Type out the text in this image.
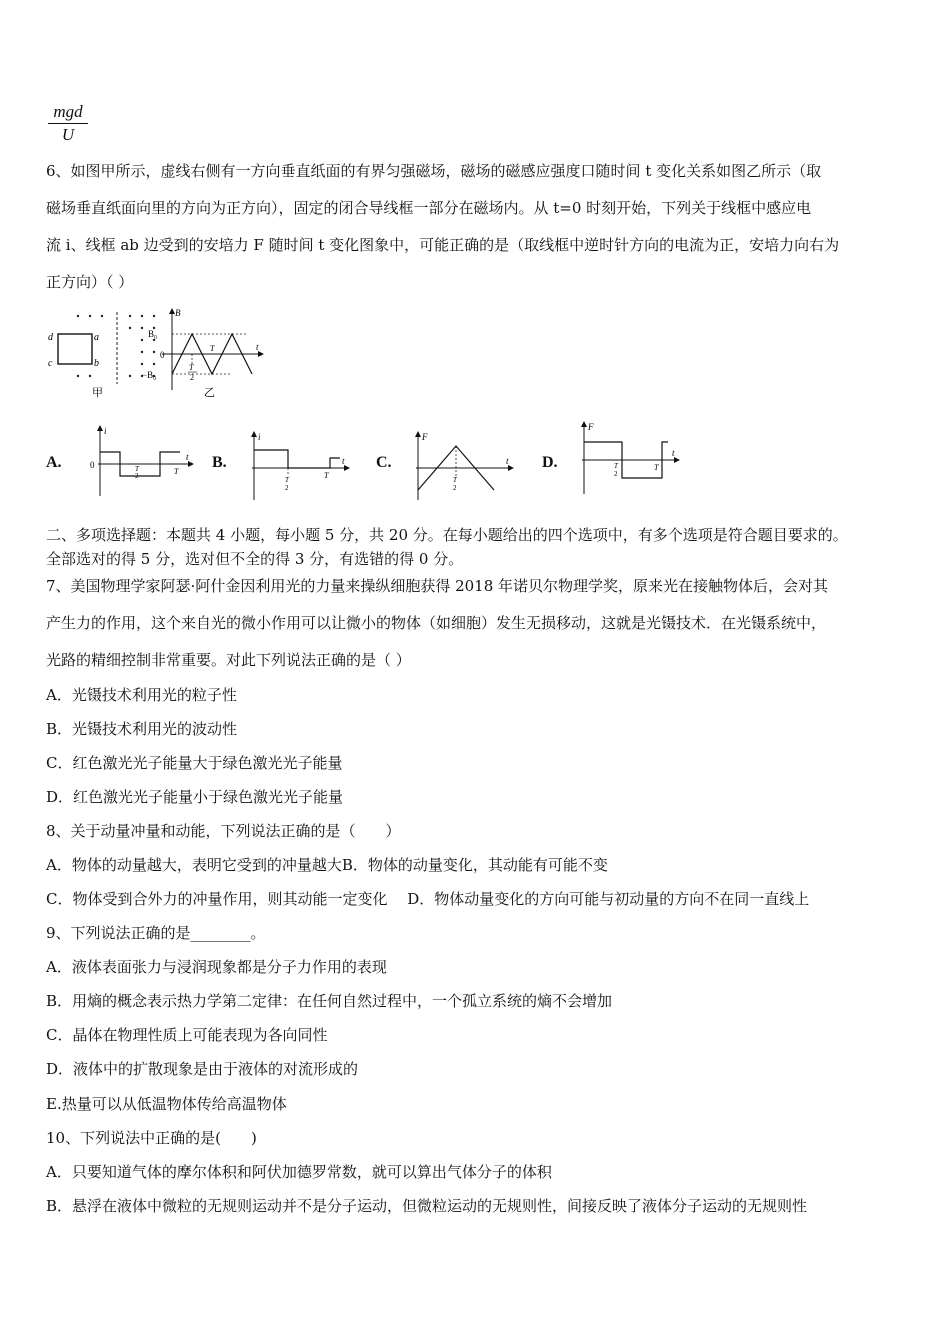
mgd
U
6、如图甲所示，虚线右侧有一方向垂直纸面的有界匀强磁场，磁场的磁感应强度口随时间 t 变化关系如图乙所示（取
磁场垂直纸面向里的方向为正方向），固定的闭合导线框一部分在磁场内。从 t=0 时刻开始，下列关于线框中感应电
流 i、线框 ab 边受到的安培力 F 随时间 t 变化图象中，可能正确的是（取线框中逆时针方向的电流为正，安培力向右为
正方向）（ ）
d	a
c	b
甲
B
t
B₀
0
−B₀
T
2
T
乙
A.
i
0
t
T
2	T
B.
i
t
T
2
T
C.
F
t
T
2
D.
F
t
T
2
T
二、多项选择题：本题共 4 小题，每小题 5 分，共 20 分。在每小题给出的四个选项中，有多个选项是符合题目要求的。
全部选对的得 5 分，选对但不全的得 3 分，有选错的得 0 分。
7、美国物理学家阿瑟·阿什金因利用光的力量来操纵细胞获得 2018 年诺贝尔物理学奖，原来光在接触物体后，会对其
产生力的作用，这个来自光的微小作用可以让微小的物体（如细胞）发生无损移动，这就是光镊技术．在光镊系统中，
光路的精细控制非常重要。对此下列说法正确的是（ ）
A．光镊技术利用光的粒子性
B．光镊技术利用光的波动性
C．红色激光光子能量大于绿色激光光子能量
D．红色激光光子能量小于绿色激光光子能量
8、关于动量冲量和动能，下列说法正确的是（　　）
A．物体的动量越大，表明它受到的冲量越大B．物体的动量变化，其动能有可能不变
C．物体受到合外力的冲量作用，则其动能一定变化　 D．物体动量变化的方向可能与初动量的方向不在同一直线上
9、下列说法正确的是________。
A．液体表面张力与浸润现象都是分子力作用的表现
B．用熵的概念表示热力学第二定律：在任何自然过程中，一个孤立系统的熵不会增加
C．晶体在物理性质上可能表现为各向同性
D．液体中的扩散现象是由于液体的对流形成的
E.热量可以从低温物体传给高温物体
10、下列说法中正确的是(　　)
A．只要知道气体的摩尔体积和阿伏加德罗常数，就可以算出气体分子的体积
B．悬浮在液体中微粒的无规则运动并不是分子运动，但微粒运动的无规则性，间接反映了液体分子运动的无规则性
